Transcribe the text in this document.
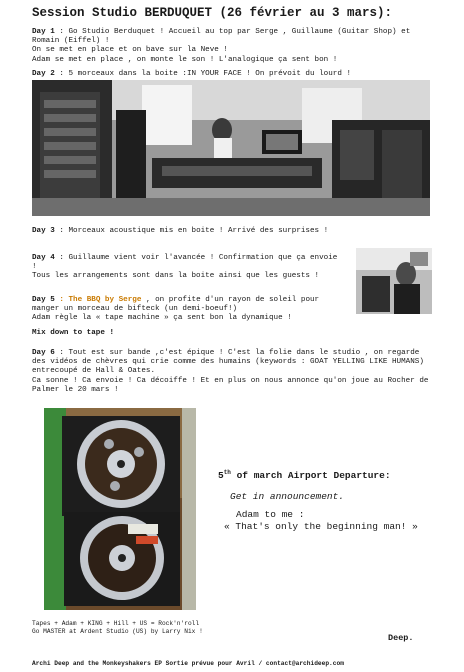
Session Studio BERDUQUET (26 février au 3 mars):
Day 1 : Go Studio Berduquet ! Accueil au top par Serge , Guillaume (Guitar Shop) et Romain (Eiffel) !
On se met en place et on bave sur la Neve !
Adam se met en place , on monte le son ! L'analogique ça sent bon !
Day 2 : 5 morceaux dans la boite :IN YOUR FACE ! On prévoit du lourd !
Day 3 : Morceaux acoustique mis en boite ! Arrivé des surprises !
Day 4 : Guillaume vient voir l'avancée ! Confirmation que ça envoie !
Tous les arrangements sont dans la boite ainsi que les guests !
Day 5 : The BBQ by Serge , on profite d'un rayon de soleil pour manger un morceau de bifteck (un demi-boeuf!)
Adam règle la « tape machine » ça sent bon la dynamique !
Mix down to tape !
Day 6 : Tout est sur bande ,c'est épique ! C'est la folie dans le studio , on regarde des vidéos de chèvres qui crie comme des humains (keywords : GOAT YELLING LIKE HUMANS) entrecoupé de Hall & Oates.
Ca sonne ! Ca envoie ! Ca décoiffe ! Et en plus on nous annonce qu'on joue au Rocher de Palmer le 20 mars !
5th of march Airport Departure:
Get in announcement.
Adam to me :
« That's only the beginning man! »
Tapes + Adam + KING + Hill + US = Rock'n'roll
Go MASTER at Ardent Studio (US) by Larry Nix !
Deep.
Archi Deep and the Monkeyshakers EP Sortie prévue pour Avril / contact@archideep.com
